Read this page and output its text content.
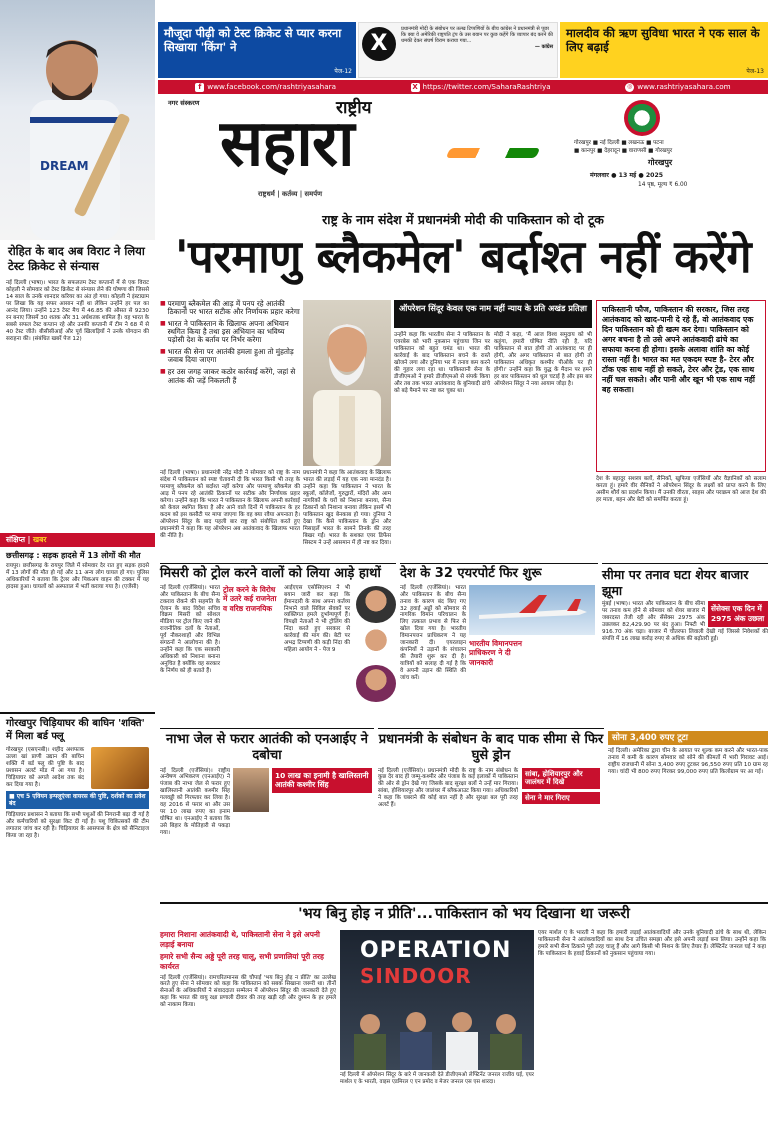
DREAM
मौजूदा पीढ़ी को टेस्ट क्रिकेट से प्यार करना सिखाया 'किंग' ने
पेज-12
X
प्रधानमंत्री मोदी के संबोधन पर तल्ख टिप्पणियों के बीच कांग्रेस ने प्रधानमंत्री से पूछा कि क्या वे अमेरिकी राष्ट्रपति ट्रंप के उस बयान पर कुछ कहेंगे कि व्यापार बंद करने की धमकी देकर संघर्ष विराम कराया गया...
— कांग्रेस
मालदीव की ऋण सुविधा भारत ने एक साल के लिए बढ़ाई
पेज-13
f www.facebook.com/rashtriyasahara	X https://twitter.com/SaharaRashtriya	◎ www.rashtriyasahara.com
नगर संस्करण	राष्ट्रीय
सहारा
राष्ट्रधर्म | कर्तव्य | समर्पण
गोरखपुर ■ नई दिल्ली ■ लखनऊ ■ पटना
■ कानपुर ■ देहरादून ■ वाराणसी ■ गोरखपुर
गोरखपुर
मंगलवार ● 13 मई ● 2025
14 पृष्ठ, मूल्य ₹ 6.00
रोहित के बाद अब विराट ने लिया टेस्ट क्रिकेट से संन्यास
नई दिल्ली (भाषा)। भारत के सफलतम टेस्ट कप्तानों में से एक विराट कोहली ने सोमवार को टेस्ट क्रिकेट से संन्यास लेने की घोषणा की जिससे 14 साल के उनके शानदार करियर का अंत हो गया। कोहली ने इंस्टाग्राम पर लिखा कि यह सफर आसान नहीं था लेकिन उन्होंने हर पल का आनंद लिया। उन्होंने 123 टेस्ट मैच में 46.85 की औसत से 9230 रन बनाए जिसमें 30 शतक और 31 अर्धशतक शामिल हैं। वह भारत के सबसे सफल टेस्ट कप्तान रहे और उनकी कप्तानी में टीम ने 68 में से 40 टेस्ट जीते। बीसीसीआई और पूर्व खिलाड़ियों ने उनके योगदान की सराहना की। (संबंधित खबरें पेज 12)
संक्षिप्त | खबर
छत्तीसगढ़ : सड़क हादसे में 13 लोगों की मौत
रायपुर। छत्तीसगढ़ के रायपुर जिले में सोमवार देर रात हुए सड़क हादसे में 13 लोगों की मौत हो गई और 11 अन्य लोग घायल हो गए। पुलिस अधिकारियों ने बताया कि ट्रेलर और पिकअप वाहन की टक्कर में यह हादसा हुआ। घायलों को अस्पताल में भर्ती कराया गया है। (एजेंसी)
गोरखपुर चिड़ियाघर की बाघिन 'शक्ति' में मिला बर्ड फ्लू
गोरखपुर (एसएनबी)। शहीद अशफाक उल्ला खां प्राणी उद्यान की बाघिन शक्ति में बर्ड फ्लू की पुष्टि के बाद प्रशासन अलर्ट मोड में आ गया है। चिड़ियाघर को अगले आदेश तक बंद कर दिया गया है।
■ एच 5 एवियन इन्फ्लूएंजा वायरस की पुष्टि, दर्शकों का प्रवेश बंद
चिड़ियाघर प्रशासन ने बताया कि सभी पशुओं की निगरानी बढ़ा दी गई है और कर्मचारियों को सुरक्षा किट दी गई है। पशु चिकित्सकों की टीम लगातार जांच कर रही है। चिड़ियाघर के आसपास के क्षेत्र को सैनिटाइज किया जा रहा है।
राष्ट्र के नाम संदेश में प्रधानमंत्री मोदी की पाकिस्तान को दो टूक
'परमाणु ब्लैकमेल' बर्दाश्त नहीं करेंगे
■ परमाणु ब्लैकमेल की आड़ में पनप रहे आतंकी ठिकानों पर भारत सटीक और निर्णायक प्रहार करेगा
■ भारत ने पाकिस्तान के खिलाफ अपना अभियान स्थगित किया है तथा इस अभियान का भविष्य पड़ोसी देश के बर्ताव पर निर्भर करेगा
■ भारत की सेना पर आतंकी हमला हुआ तो मुंहतोड़ जवाब दिया जाएगा
■ हर उस जगह जाकर कठोर कार्रवाई करेंगे, जहां से आतंक की जड़ें निकलती हैं
ऑपरेशन सिंदूर केवल एक नाम नहीं न्याय के प्रति अखंड प्रतिज्ञा पाकिस्तानी फौज, पाकिस्तान की सरकार, जिस तरह आतंकवाद को खाद-पानी दे रहे हैं, वो आतंकवाद एक दिन पाकिस्तान को ही खत्म कर देगा। पाकिस्तान को अगर बचना है तो उसे अपने आतंकवादी ढांचे का सफाया करना ही होगा। इसके अलावा शांति का कोई रास्ता नहीं है। भारत का मत एकदम स्पष्ट है- टेरर और टॉक एक साथ नहीं हो सकते, टेरर और ट्रेड, एक साथ नहीं चल सकते। और पानी और खून भी एक साथ नहीं बह सकता।
नई दिल्ली (भाषा)। प्रधानमंत्री नरेंद्र मोदी ने सोमवार को राष्ट्र के नाम संदेश में पाकिस्तान को स्पष्ट चेतावनी दी कि भारत किसी भी तरह के परमाणु ब्लैकमेल को बर्दाश्त नहीं करेगा और परमाणु ब्लैकमेल की आड़ में पनप रहे आतंकी ठिकानों पर सटीक और निर्णायक प्रहार करेगा। उन्होंने कहा कि भारत ने पाकिस्तान के खिलाफ अपनी कार्रवाई को केवल स्थगित किया है और आने वाले दिनों में पाकिस्तान के हर कदम को इस कसौटी पर मापा जाएगा कि वह क्या रवैया अपनाता है। ऑपरेशन सिंदूर के बाद पहली बार राष्ट्र को संबोधित करते हुए प्रधानमंत्री ने कहा कि यह ऑपरेशन अब आतंकवाद के खिलाफ भारत की नीति है।
प्रधानमंत्री ने कहा कि आतंकवाद के खिलाफ भारत की लड़ाई में यह एक नया मानदंड है। उन्होंने कहा कि पाकिस्तान ने भारत के स्कूलों, कॉलेजों, गुरुद्वारों, मंदिरों और आम नागरिकों के घरों को निशाना बनाया, सैन्य ठिकानों को निशाना बनाया लेकिन इसमें भी पाकिस्तान खुद बेनकाब हो गया। दुनिया ने देखा कि कैसे पाकिस्तान के ड्रोन और मिसाइलें भारत के सामने तिनके की तरह बिखर गईं। भारत के सशक्त एयर डिफेंस सिस्टम ने उन्हें आसमान में ही नष्ट कर दिया।
उन्होंने कहा कि भारतीय सेना ने पाकिस्तान के एयरबेस को भारी नुकसान पहुंचाया जिन पर पाकिस्तान को बहुत घमंड था। भारत की कार्रवाई के बाद पाकिस्तान बचने के रास्ते खोजने लगा और दुनिया भर में तनाव कम करने की गुहार लगा रहा था। पाकिस्तानी सेना के डीजीएमओ ने हमारे डीजीएमओ से संपर्क किया और तब तक भारत आतंकवाद के बुनियादी ढांचे को बड़े पैमाने पर नष्ट कर चुका था।
मोदी ने कहा, 'मैं आज विश्व समुदाय को भी कहूंगा, हमारी घोषित नीति रही है, यदि पाकिस्तान से बात होगी तो आतंकवाद पर ही होगी, और अगर पाकिस्तान से बात होगी तो पाकिस्तान अधिकृत कश्मीर पीओके पर ही होगी।' उन्होंने कहा कि युद्ध के मैदान पर हमने हर बार पाकिस्तान को धूल चटाई है और इस बार ऑपरेशन सिंदूर ने नया आयाम जोड़ा है।
देश के बहादुर सशस्त्र बलों, सैनिकों, खुफिया एजेंसियों और वैज्ञानिकों को सलाम करता हूं। हमारे वीर सैनिकों ने ऑपरेशन सिंदूर के लक्ष्यों को प्राप्त करने के लिए असीम शौर्य का प्रदर्शन किया। मैं उनकी वीरता, साहस और पराक्रम को आज देश की हर माता, बहन और बेटी को समर्पित करता हूं।
मिसरी को ट्रोल करने वालों को लिया आड़े हाथों
नई दिल्ली (एजेंसियां)। भारत और पाकिस्तान के बीच सैन्य टकराव रोकने की सहमति के ऐलान के बाद विदेश सचिव विक्रम मिसरी को सोशल मीडिया पर ट्रोल किए जाने की राजनीतिक दलों के नेताओं, पूर्व नौकरशाहों और विभिन्न संगठनों ने आलोचना की है। उन्होंने कहा कि एक सरकारी अधिकारी को निशाना बनाना अनुचित है क्योंकि वह सरकार के निर्णय को ही बताते हैं।
ट्रोल करने के विरोध में उतरे कई राजनेता व वरिष्ठ राजनयिक
आईएएस एसोसिएशन ने भी बयान जारी कर कहा कि ईमानदारी के साथ अपना कर्तव्य निभाने वाले सिविल सेवकों पर व्यक्तिगत हमले दुर्भाग्यपूर्ण हैं। विपक्षी नेताओं ने भी ट्रोलिंग की निंदा करते हुए सरकार से कार्रवाई की मांग की। बेटी पर अभद्र टिप्पणी की कड़ी निंदा की महिला आयोग ने - पेज 9
देश के 32 एयरपोर्ट फिर शुरू
नई दिल्ली (एजेंसियां)। भारत और पाकिस्तान के बीच सैन्य तनाव के कारण बंद किए गए 32 हवाई अड्डों को सोमवार से नागरिक विमान परिचालन के लिए तत्काल प्रभाव से फिर से खोल दिया गया है। भारतीय विमानपत्तन प्राधिकरण ने यह जानकारी दी। एयरलाइन कंपनियों ने उड़ानों के संचालन की तैयारी शुरू कर दी है। यात्रियों को सलाह दी गई है कि वे अपनी उड़ान की स्थिति की जांच करें।
भारतीय विमानपत्तन प्राधिकरण ने दी जानकारी
सीमा पर तनाव घटा शेयर बाजार झूमा
सेंसेक्स एक दिन में 2975 अंक उछला
मुंबई (भाषा)। भारत और पाकिस्तान के बीच सीमा पर तनाव कम होने से सोमवार को शेयर बाजार में जबरदस्त तेजी रही और सेंसेक्स 2975 अंक उछलकर 82,429.90 पर बंद हुआ। निफ्टी भी 916.70 अंक चढ़ा। बाजार में चौतरफा लिवाली देखी गई जिससे निवेशकों की संपत्ति में 16 लाख करोड़ रुपए से अधिक की बढ़ोतरी हुई।
नाभा जेल से फरार आतंकी को एनआईए ने दबोचा
नई दिल्ली (एजेंसियां)। राष्ट्रीय अन्वेषण अभिकरण (एनआईए) ने पंजाब की नाभा जेल से फरार हुए खालिस्तानी आतंकी कश्मीर सिंह गलवड्डी को गिरफ्तार कर लिया है। वह 2016 से फरार था और उस पर 10 लाख रुपए का इनाम घोषित था। एनआईए ने बताया कि उसे बिहार के मोतिहारी से पकड़ा गया।
10 लाख का इनामी है खालिस्तानी आतंकी कश्मीर सिंह
प्रधानमंत्री के संबोधन के बाद पाक सीमा से फिर घुसे ड्रोन
नई दिल्ली (एजेंसियां)। प्रधानमंत्री मोदी के राष्ट्र के नाम संबोधन के कुछ देर बाद ही जम्मू-कश्मीर और पंजाब के कई इलाकों में पाकिस्तान की ओर से ड्रोन देखे गए जिसके बाद सुरक्षा बलों ने उन्हें मार गिराया। सांबा, होशियारपुर और जालंधर में ब्लैकआउट किया गया। अधिकारियों ने कहा कि घबराने की कोई बात नहीं है और सुरक्षा बल पूरी तरह अलर्ट हैं।
सांबा, होशियारपुर और जालंधर में दिखे
सेना ने मार गिराए
सोना 3,400 रुपए टूटा
नई दिल्ली। अमेरिका द्वारा चीन के आयात पर शुल्क कम करने और भारत-पाक तनाव में कमी के कारण सोमवार को सोने की कीमतों में भारी गिरावट आई। राष्ट्रीय राजधानी में सोना 3,400 रुपए टूटकर 96,550 रुपए प्रति 10 ग्राम रह गया। चांदी भी 800 रुपए गिरकर 99,000 रुपए प्रति किलोग्राम पर आ गई।
'भय बिनु होइ न प्रीति'... पाकिस्तान को भय दिखाना था जरूरी
हमारा निशाना आतंकवादी थे, पाकिस्तानी सेना ने इसे अपनी लड़ाई बनाया
हमारे सभी सैन्य अड्डे पूरी तरह चालू, सभी प्रणालियां पूरी तरह कार्यरत
नई दिल्ली (एजेंसियां)। रामचरितमानस की चौपाई 'भय बिनु होइ न प्रीति' का उल्लेख करते हुए सेना ने सोमवार को कहा कि पाकिस्तान को सबक सिखाना जरूरी था। तीनों सेनाओं के अधिकारियों ने संवाददाता सम्मेलन में ऑपरेशन सिंदूर की जानकारी देते हुए कहा कि भारत की वायु रक्षा प्रणाली दीवार की तरह खड़ी रही और दुश्मन के हर हमले को नाकाम किया।
OPERATION
SINDOOR
नई दिल्ली में ऑपरेशन सिंदूर के बारे में जानकारी देते डीजीएमओ लेफ्टिनेंट जनरल राजीव घई, एयर मार्शल ए के भारती, वाइस एडमिरल ए एन प्रमोद व मेजर जनरल एस एस शारदा।
एयर मार्शल ए के भारती ने कहा कि हमारी लड़ाई आतंकवादियों और उनके बुनियादी ढांचे के साथ थी, लेकिन पाकिस्तानी सेना ने आतंकवादियों का साथ देना उचित समझा और इसे अपनी लड़ाई बना लिया। उन्होंने कहा कि हमारे सभी सैन्य ठिकाने पूरी तरह चालू हैं और आगे किसी भी मिशन के लिए तैयार हैं। लेफ्टिनेंट जनरल घई ने कहा कि पाकिस्तान के हवाई ठिकानों को नुकसान पहुंचाया गया।
